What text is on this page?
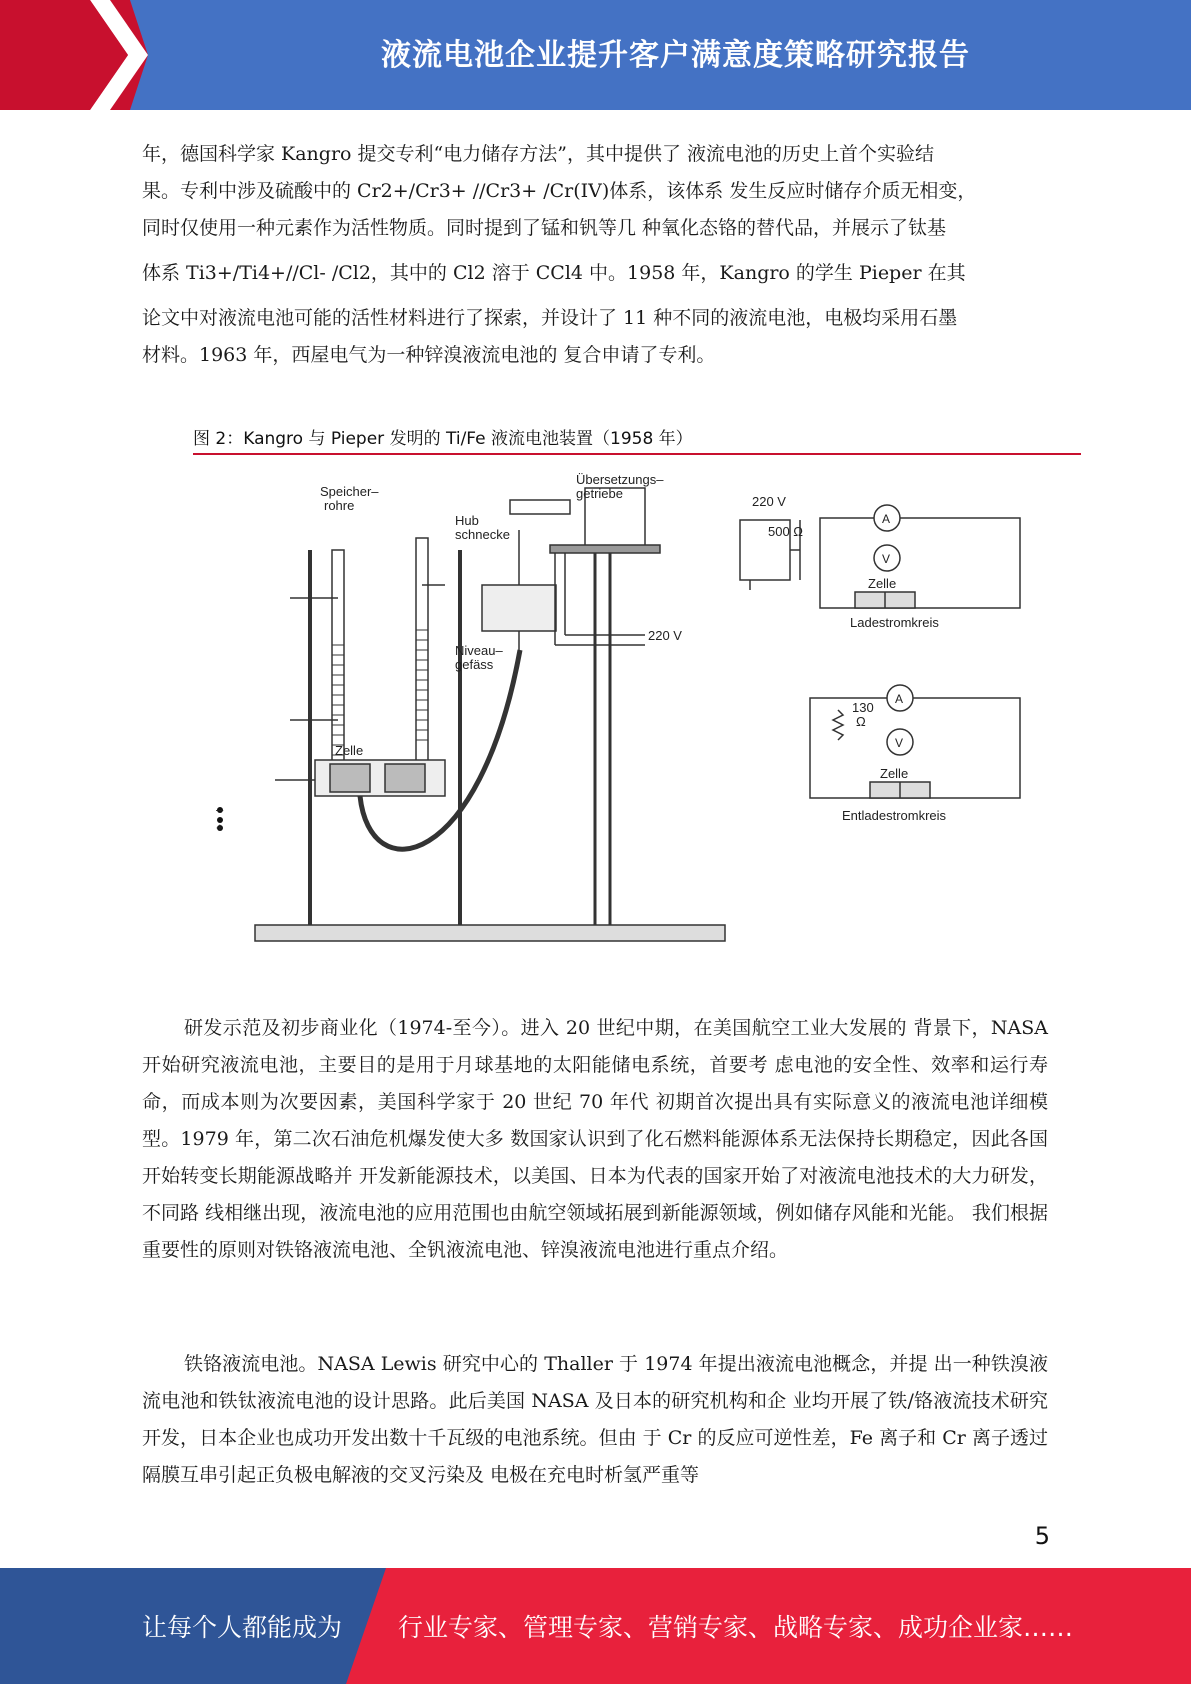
液流电池企业提升客户满意度策略研究报告
年，德国科学家 Kangro 提交专利“电力储存方法”，其中提供了 液流电池的历史上首个实验结
果。专利中涉及硫酸中的 Cr2+/Cr3+ //Cr3+ /Cr(IV)体系，该体系 发生反应时储存介质无相变，
同时仅使用一种元素作为活性物质。同时提到了锰和钒等几 种氧化态铬的替代品，并展示了钛基
体系 Ti3+/Ti4+//Cl- /Cl2，其中的 Cl2 溶于 CCl4 中。1958 年，Kangro 的学生 Pieper 在其
论文中对液流电池可能的活性材料进行了探索，并设计了 11 种不同的液流电池，电极均采用石墨
材料。1963 年，西屋电气为一种锌溴液流电池的 复合申请了专利。
图 2：Kangro 与 Pieper 发明的 Ti/Fe 液流电池装置（1958 年）
Speicher–
rohre
Hub
schnecke
Übersetzungs–
getriebe
Niveau–
gefäss
220 V
Zelle
–
+
220 V
500 Ω
A
V
Zelle
Ladestromkreis
A
V
130
Ω
Zelle
Entladestromkreis

研发示范及初步商业化（1974-至今）。进入 20 世纪中期，在美国航空工业大发展的 背景下，NASA 开始研究液流电池，主要目的是用于月球基地的太阳能储电系统，首要考 虑电池的安全性、效率和运行寿命，而成本则为次要因素，美国科学家于 20 世纪 70 年代 初期首次提出具有实际意义的液流电池详细模型。1979 年，第二次石油危机爆发使大多 数国家认识到了化石燃料能源体系无法保持长期稳定，因此各国开始转变长期能源战略并 开发新能源技术，以美国、日本为代表的国家开始了对液流电池技术的大力研发，不同路 线相继出现，液流电池的应用范围也由航空领域拓展到新能源领域，例如储存风能和光能。 我们根据重要性的原则对铁铬液流电池、全钒液流电池、锌溴液流电池进行重点介绍。

铁铬液流电池。NASA Lewis 研究中心的 Thaller 于 1974 年提出液流电池概念，并提 出一种铁溴液流电池和铁钛液流电池的设计思路。此后美国 NASA 及日本的研究机构和企 业均开展了铁/铬液流技术研究开发，日本企业也成功开发出数十千瓦级的电池系统。但由 于 Cr 的反应可逆性差，Fe 离子和 Cr 离子透过隔膜互串引起正负极电解液的交叉污染及 电极在充电时析氢严重等

5
让每个人都能成为 行业专家、管理专家、营销专家、战略专家、成功企业家……
